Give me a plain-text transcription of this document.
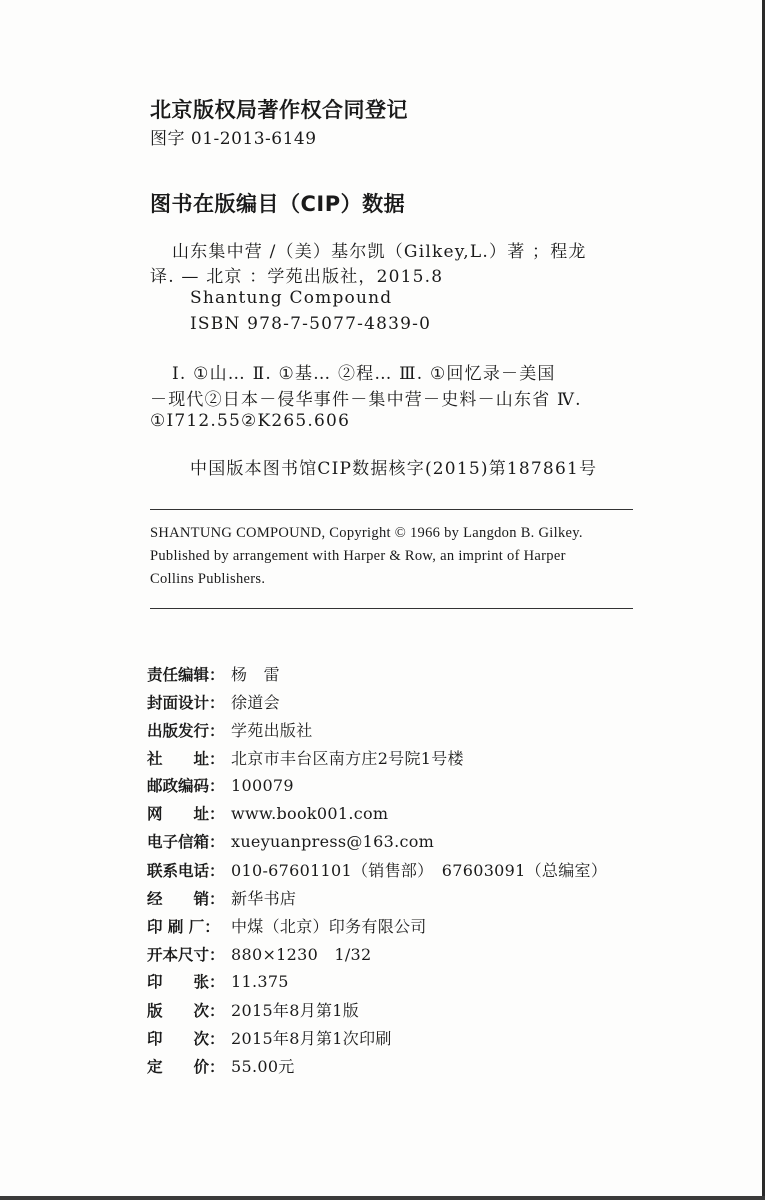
北京版权局著作权合同登记
图字 01-2013-6149
图书在版编目（CIP）数据
山东集中营 /（美）基尔凯（Gilkey,L.）著 ；程龙
译. — 北京 ：学苑出版社，2015.8
Shantung Compound
ISBN 978-7-5077-4839-0
Ⅰ. ①山… Ⅱ. ①基… ②程… Ⅲ. ①回忆录－美国
－现代②日本－侵华事件－集中营－史料－山东省 Ⅳ.
①I712.55②K265.606
中国版本图书馆CIP数据核字(2015)第187861号
SHANTUNG COMPOUND, Copyright © 1966 by Langdon B. Gilkey.
Published by arrangement with Harper & Row, an imprint of Harper
Collins Publishers.
责任编辑： 杨　雷
封面设计： 徐道会
出版发行： 学苑出版社
社　　址： 北京市丰台区南方庄2号院1号楼
邮政编码： 100079
网　　址： www.book001.com
电子信箱： xueyuanpress@163.com
联系电话： 010-67601101（销售部）　67603091（总编室）
经　　销： 新华书店
印 刷 厂： 中煤（北京）印务有限公司
开本尺寸： 880×1230　1/32
印　　张： 11.375
版　　次： 2015年8月第1版
印　　次： 2015年8月第1次印刷
定　　价： 55.00元
